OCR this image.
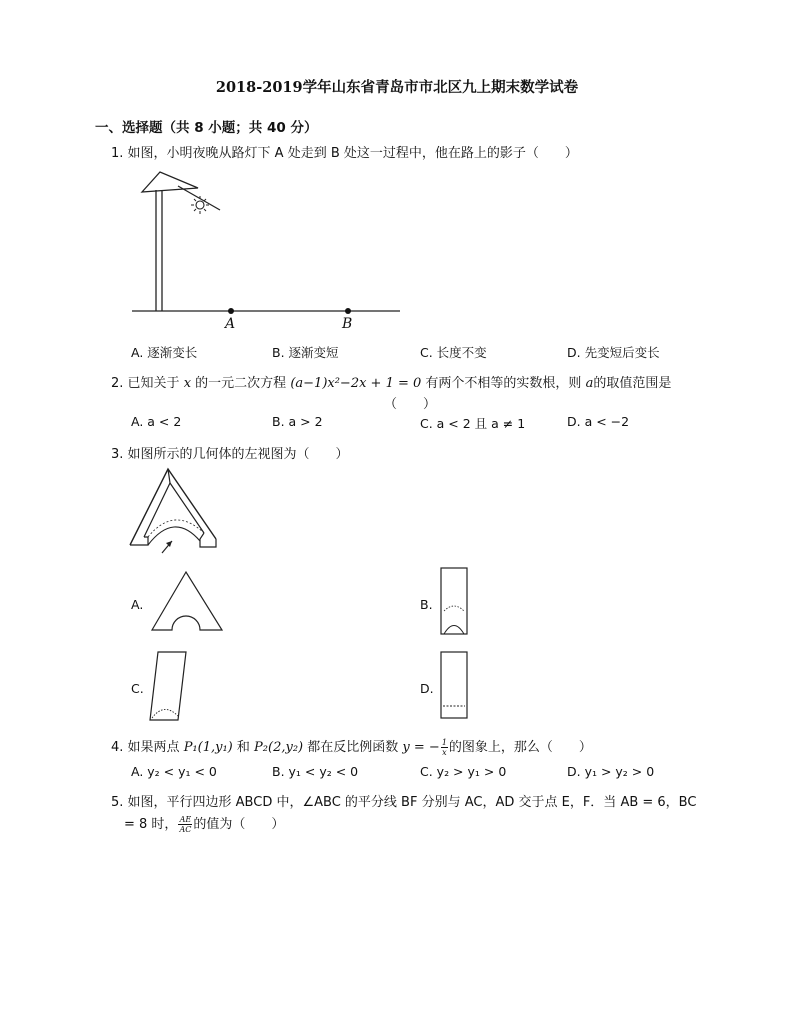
2018-2019学年山东省青岛市市北区九上期末数学试卷
一、选择题（共 8 小题；共 40 分）
1. 如图，小明夜晚从路灯下 A 处走到 B 处这一过程中，他在路上的影子（　　）
A	B
A. 逐渐变长	B. 逐渐变短	C. 长度不变	D. 先变短后变长
2. 已知关于 x 的一元二次方程 (a−1)x²−2x + 1 = 0 有两个不相等的实数根，则 a的取值范围是
（　　）
A. a < 2	B. a > 2	C. a < 2 且 a ≠ 1	D. a < −2
3. 如图所示的几何体的左视图为（　　）
A.	B.
C.	D.
4. 如果两点 P₁(1,y₁) 和 P₂(2,y₂) 都在反比例函数 y = − $\frac{1}{x}$ 的图象上，那么（　　）
A. y₂ < y₁ < 0	B. y₁ < y₂ < 0	C. y₂ > y₁ > 0	D. y₁ > y₂ > 0
5. 如图，平行四边形 ABCD 中，∠ABC 的平分线 BF 分别与 AC，AD 交于点 E，F．当 AB = 6，BC
= 8 时， $\frac{AE}{AC}$ 的值为（　　）
